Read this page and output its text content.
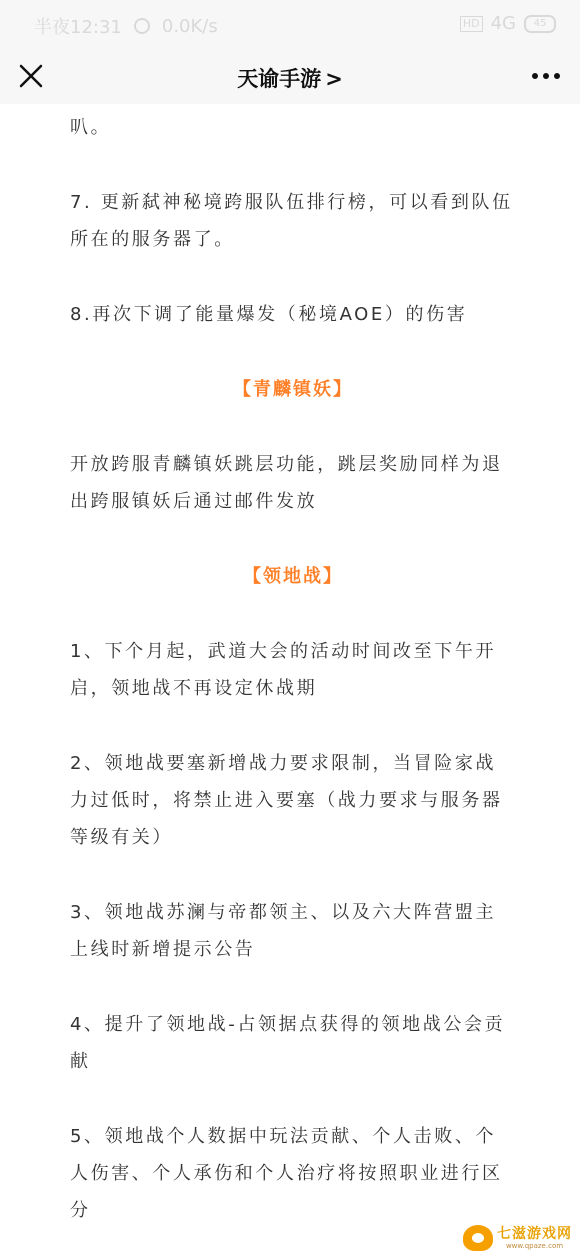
半夜12:31 0.0K/s	HD 4G	45
天谕手游 >

叭。

7. 更新弑神秘境跨服队伍排行榜，可以看到队伍所在的服务器了。

8.再次下调了能量爆发（秘境AOE）的伤害

【青麟镇妖】

开放跨服青麟镇妖跳层功能，跳层奖励同样为退出跨服镇妖后通过邮件发放

【领地战】

1、下个月起，武道大会的活动时间改至下午开启，领地战不再设定休战期

2、领地战要塞新增战力要求限制，当冒险家战力过低时，将禁止进入要塞（战力要求与服务器等级有关）

3、领地战苏澜与帝都领主、以及六大阵营盟主上线时新增提示公告

4、提升了领地战-占领据点获得的领地战公会贡献

5、领地战个人数据中玩法贡献、个人击败、个人伤害、个人承伤和个人治疗将按照职业进行区分

七滋游戏网
www.qpaze.com
